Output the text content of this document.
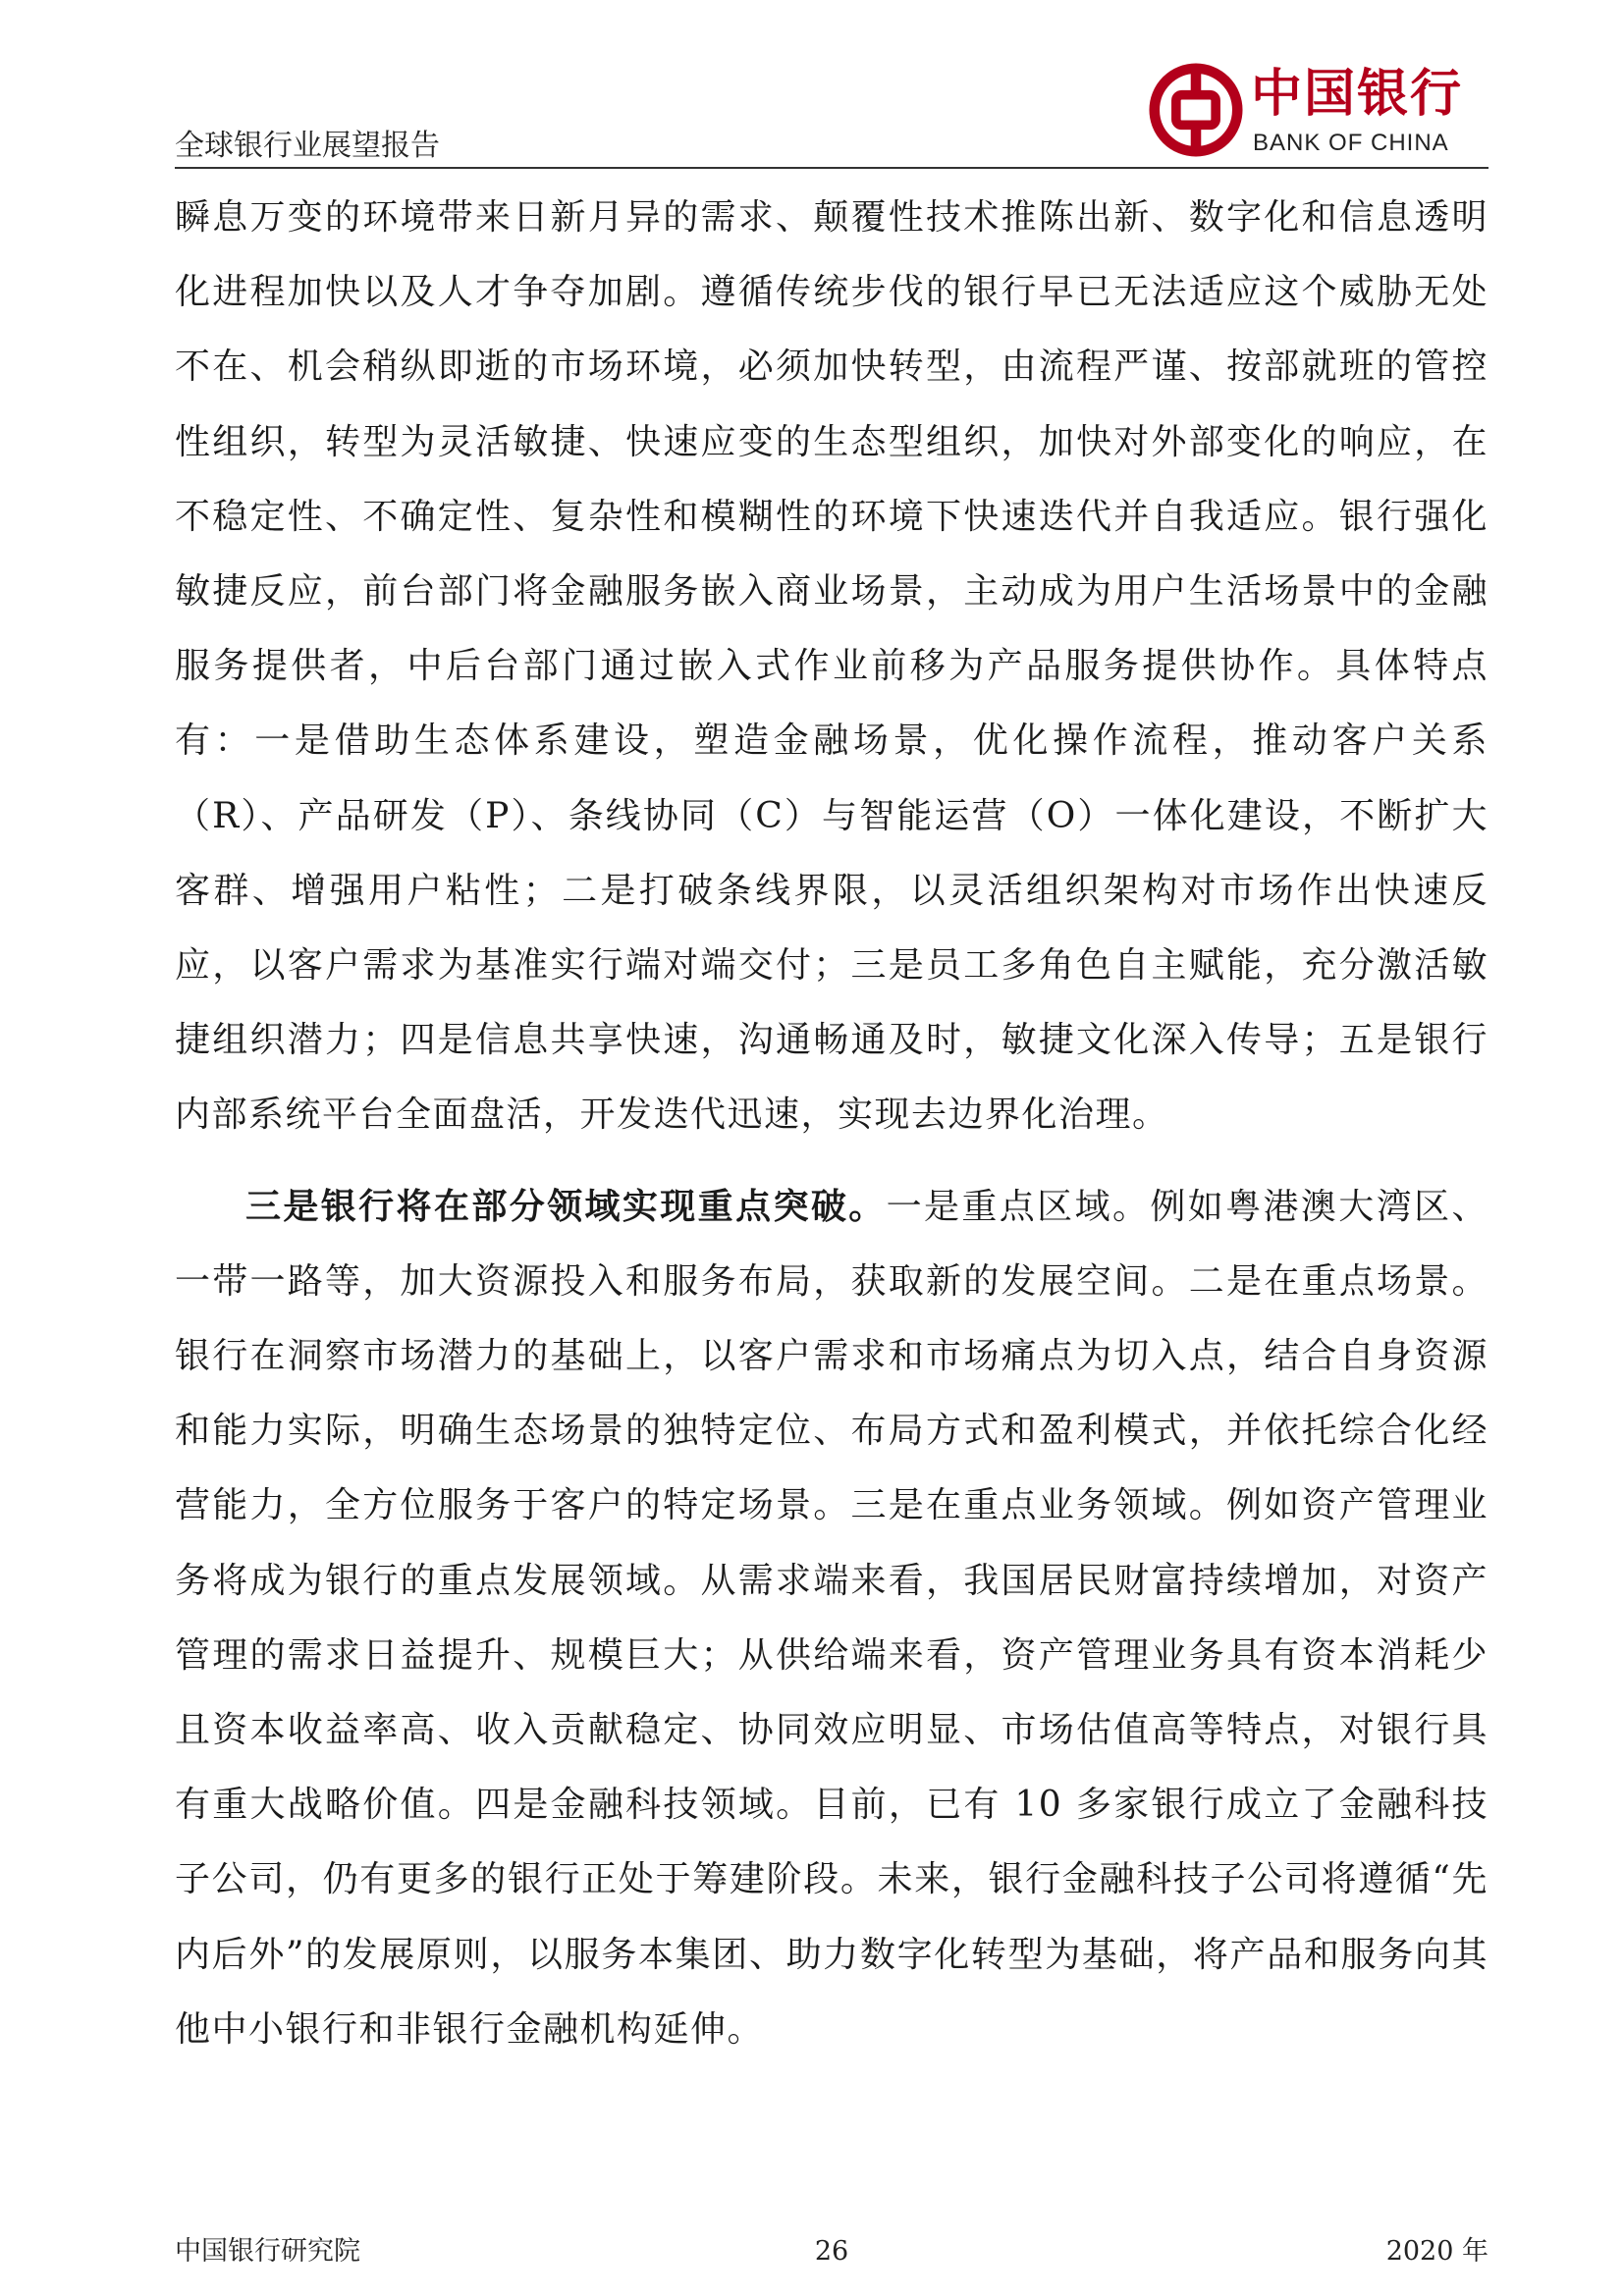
全球银行业展望报告
中国银行
BANK OF CHINA

瞬息万变的环境带来日新月异的需求、颠覆性技术推陈出新、数字化和信息透明化进程加快以及人才争夺加剧。遵循传统步伐的银行早已无法适应这个威胁无处不在、机会稍纵即逝的市场环境，必须加快转型，由流程严谨、按部就班的管控性组织，转型为灵活敏捷、快速应变的生态型组织，加快对外部变化的响应，在不稳定性、不确定性、复杂性和模糊性的环境下快速迭代并自我适应。银行强化敏捷反应，前台部门将金融服务嵌入商业场景，主动成为用户生活场景中的金融服务提供者，中后台部门通过嵌入式作业前移为产品服务提供协作。具体特点有：一是借助生态体系建设，塑造金融场景，优化操作流程，推动客户关系（R）、产品研发（P）、条线协同（C）与智能运营（O）一体化建设，不断扩大客群、增强用户粘性；二是打破条线界限，以灵活组织架构对市场作出快速反应，以客户需求为基准实行端对端交付；三是员工多角色自主赋能，充分激活敏捷组织潜力；四是信息共享快速，沟通畅通及时，敏捷文化深入传导；五是银行内部系统平台全面盘活，开发迭代迅速，实现去边界化治理。

三是银行将在部分领域实现重点突破。一是重点区域。例如粤港澳大湾区、一带一路等，加大资源投入和服务布局，获取新的发展空间。二是在重点场景。银行在洞察市场潜力的基础上，以客户需求和市场痛点为切入点，结合自身资源和能力实际，明确生态场景的独特定位、布局方式和盈利模式，并依托综合化经营能力，全方位服务于客户的特定场景。三是在重点业务领域。例如资产管理业务将成为银行的重点发展领域。从需求端来看，我国居民财富持续增加，对资产管理的需求日益提升、规模巨大；从供给端来看，资产管理业务具有资本消耗少且资本收益率高、收入贡献稳定、协同效应明显、市场估值高等特点，对银行具有重大战略价值。四是金融科技领域。目前，已有 10 多家银行成立了金融科技子公司，仍有更多的银行正处于筹建阶段。未来，银行金融科技子公司将遵循“先内后外”的发展原则，以服务本集团、助力数字化转型为基础，将产品和服务向其他中小银行和非银行金融机构延伸。

中国银行研究院	26	2020 年
